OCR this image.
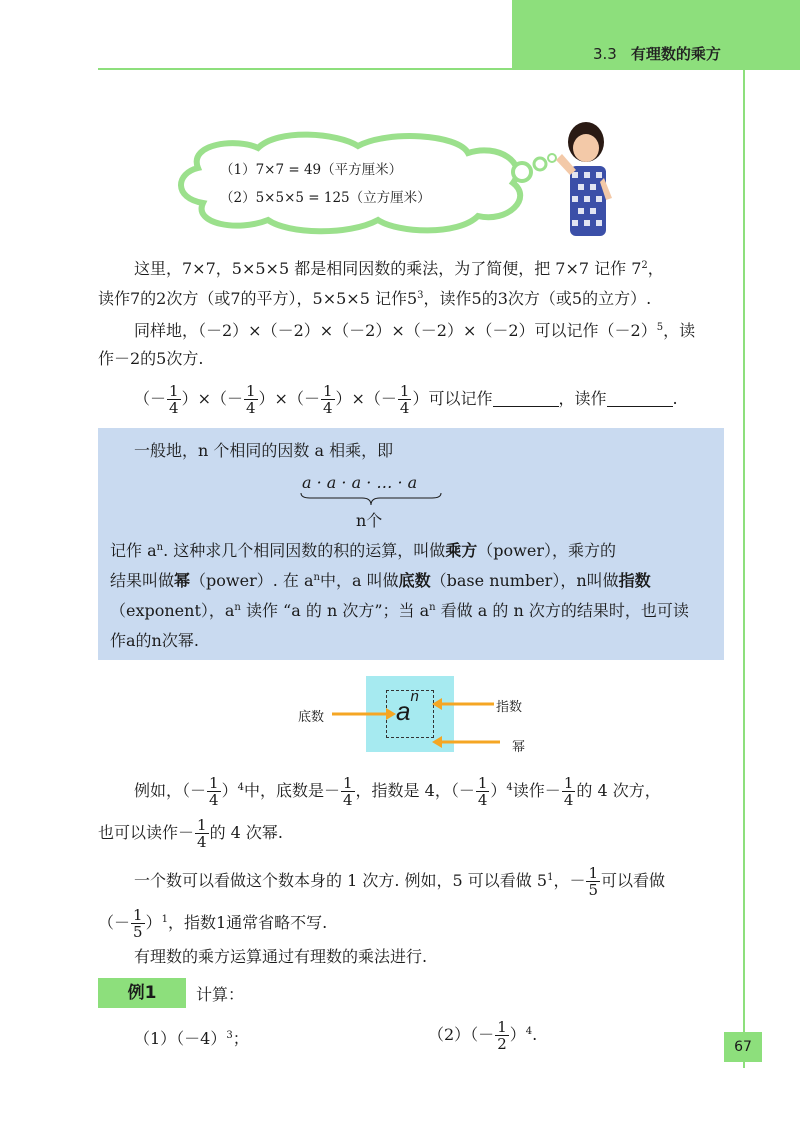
3.3 有理数的乘方
（1）7×7 = 49（平方厘米）
（2）5×5×5 = 125（立方厘米）
这里，7×7，5×5×5 都是相同因数的乘法，为了简便，把 7×7 记作 $7^2$，
读作7的2次方（或7的平方），5×5×5 记作$5^3$，读作5的3次方（或5的立方）.
同样地，（－2）×（－2）×（－2）×（－2）×（－2）可以记作$(-2)^5$，读
作－2的5次方.
（－ $\frac{1}{4}$ ）×（－ $\frac{1}{4}$ ）×（－ $\frac{1}{4}$ ）×（－ $\frac{1}{4}$ ）可以记作	，读作	.
一般地，n 个相同的因数 a 相乘，即
a · a · a · … · a
n个
记作 $a^n$. 这种求几个相同因数的积的运算，叫做乘方（power），乘方的
结果叫做幂（power）. 在 $a^n$中，a 叫做底数（base number），n叫做指数
（exponent），$a^n$ 读作 “a 的 n 次方”；当 $a^n$ 看做 a 的 n 次方的结果时，也可读
作a的n次幂.
$a^n$
底数
指数
幂
例如，（－ $\frac{1}{4} )^4$中，底数是－ $\frac{1}{4}$ ，指数是 4，（－ $\frac{1}{4} )^4$读作－ $\frac{1}{4}$ 的 4 次方，
也可以读作－ $\frac{1}{4}$ 的 4 次幂.
一个数可以看做这个数本身的 1 次方. 例如，5 可以看做 $5^1$，－ $\frac{1}{5}$ 可以看做
（－ $\frac{1}{5} )^1$，指数1通常省略不写.
有理数的乘方运算通过有理数的乘法进行.
例1	计算：
$(1)(-4)^3$；	$(2)(- \frac{1}{2} )^4$.
67
